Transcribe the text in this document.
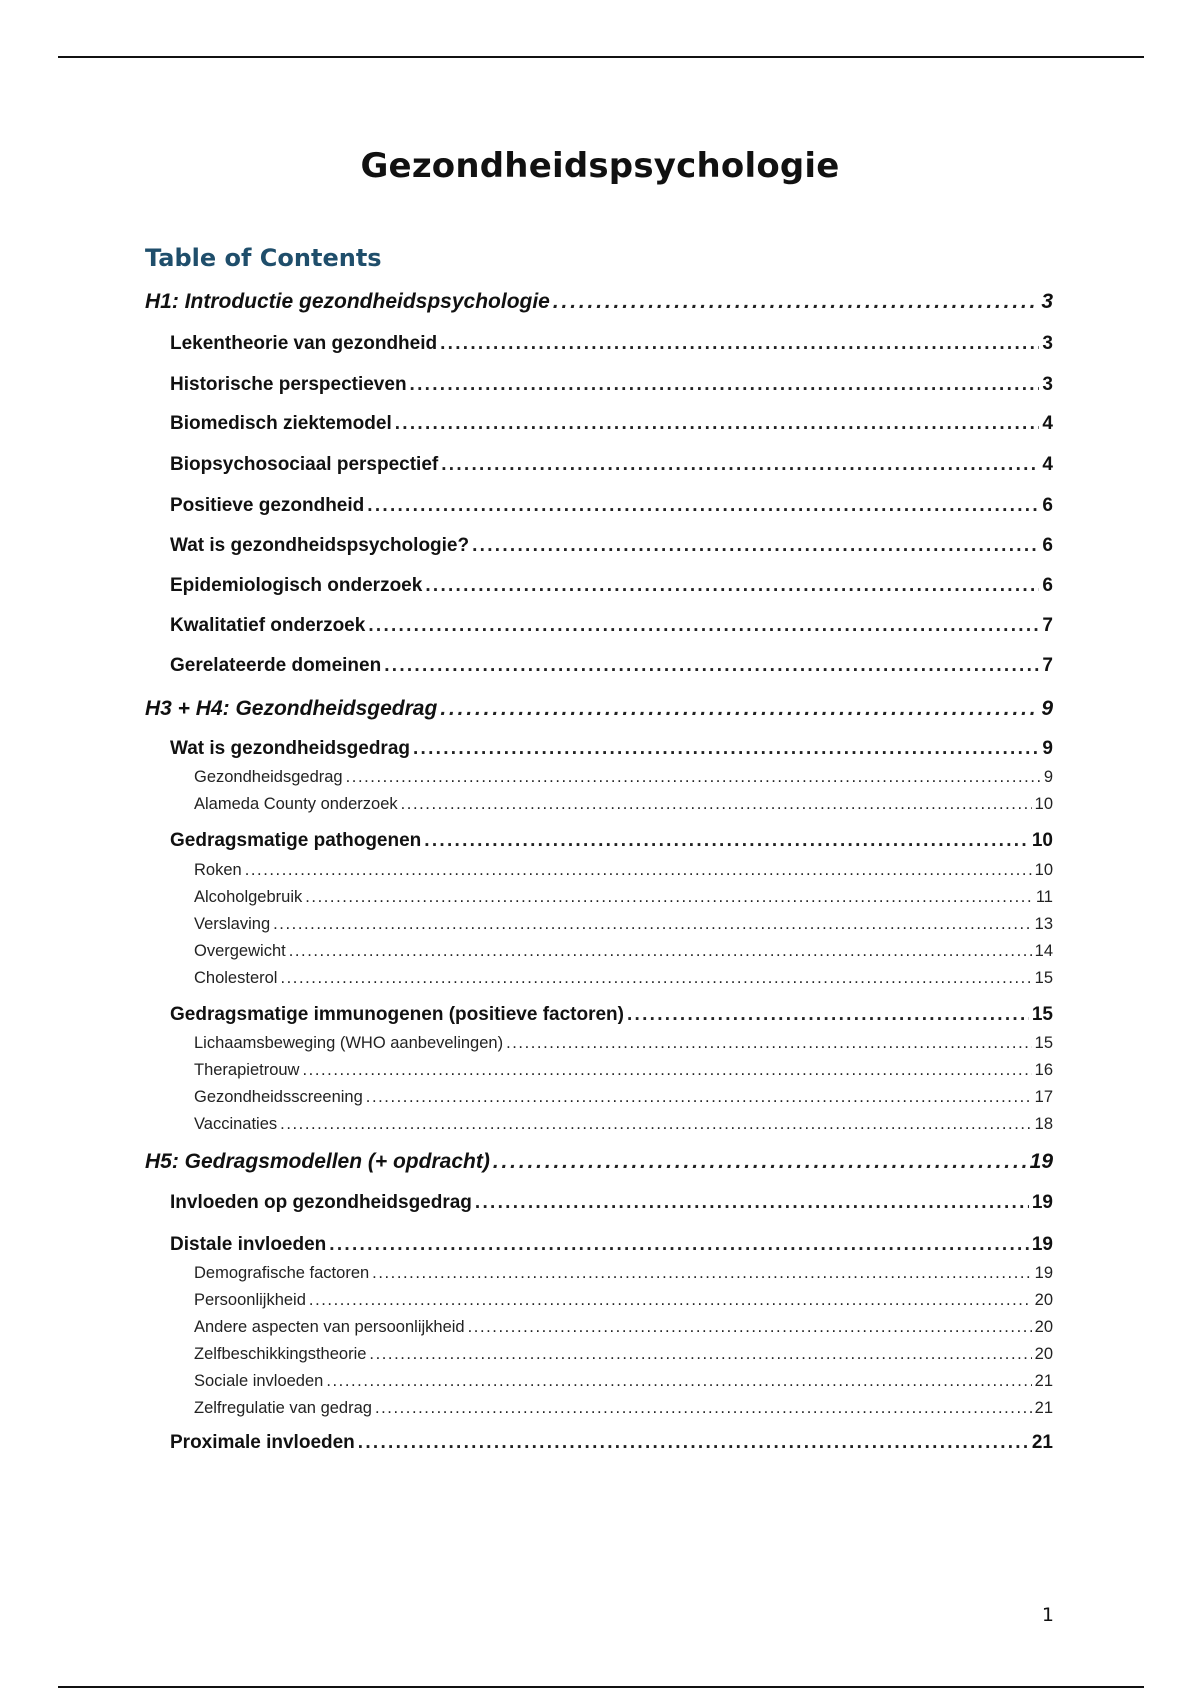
Gezondheidspsychologie
Table of Contents
H1: Introductie gezondheidspsychologie . . .	3
Lekentheorie van gezondheid . . .	3
Historische perspectieven . . .	3
Biomedisch ziektemodel . . .	4
Biopsychosociaal perspectief . . .	4
Positieve gezondheid . . .	6
Wat is gezondheidspsychologie? . . .	6
Epidemiologisch onderzoek . . .	6
Kwalitatief onderzoek . . .	7
Gerelateerde domeinen . . .	7
H3 + H4: Gezondheidsgedrag . . .	9
Wat is gezondheidsgedrag . . .	9
Gezondheidsgedrag . . .	9
Alameda County onderzoek . . .	10
Gedragsmatige pathogenen . . .	10
Roken . . .	10
Alcoholgebruik . . .	11
Verslaving . . .	13
Overgewicht . . .	14
Cholesterol . . .	15
Gedragsmatige immunogenen (positieve factoren) . . .	15
Lichaamsbeweging (WHO aanbevelingen) . . .	15
Therapietrouw . . .	16
Gezondheidsscreening . . .	17
Vaccinaties . . .	18
H5: Gedragsmodellen (+ opdracht) . . .	19
Invloeden op gezondheidsgedrag . . .	19
Distale invloeden . . .	19
Demografische factoren . . .	19
Persoonlijkheid . . .	20
Andere aspecten van persoonlijkheid . . .	20
Zelfbeschikkingstheorie . . .	20
Sociale invloeden . . .	21
Zelfregulatie van gedrag . . .	21
Proximale invloeden . . .	21
1
